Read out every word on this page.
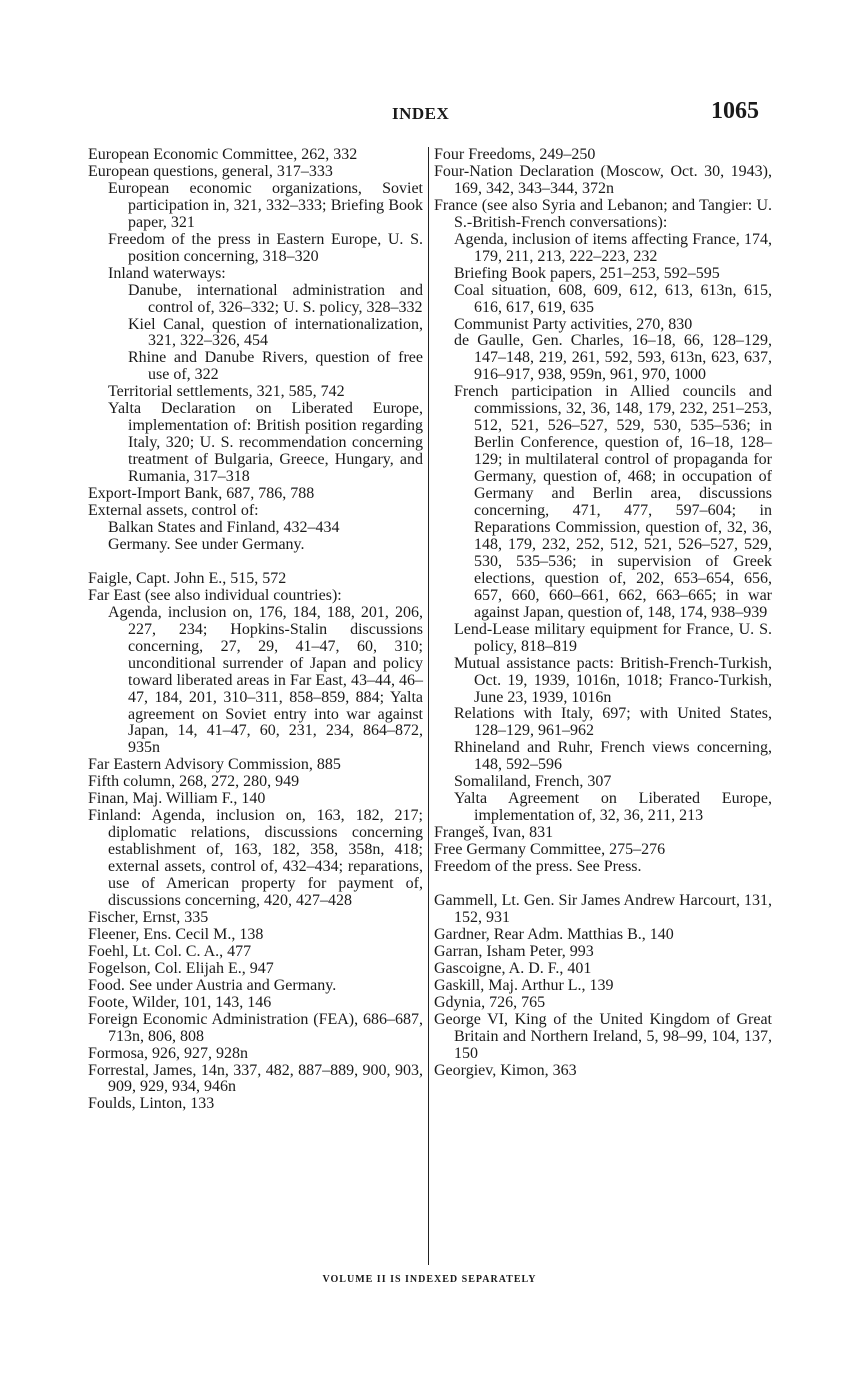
INDEX	1065

European Economic Committee, 262, 332

European questions, general, 317–333

European economic organizations, Soviet participation in, 321, 332–333; Briefing Book paper, 321

Freedom of the press in Eastern Europe, U. S. position concerning, 318–320

Inland waterways:

Danube, international administration and control of, 326–332; U. S. policy, 328–332

Kiel Canal, question of internationalization, 321, 322–326, 454

Rhine and Danube Rivers, question of free use of, 322

Territorial settlements, 321, 585, 742

Yalta Declaration on Liberated Europe, implementation of: British position regarding Italy, 320; U. S. recommendation concerning treatment of Bulgaria, Greece, Hungary, and Rumania, 317–318

Export-Import Bank, 687, 786, 788

External assets, control of:

Balkan States and Finland, 432–434

Germany. See under Germany.

Faigle, Capt. John E., 515, 572

Far East (see also individual countries):

Agenda, inclusion on, 176, 184, 188, 201, 206, 227, 234; Hopkins-Stalin discussions concerning, 27, 29, 41–47, 60, 310; unconditional surrender of Japan and policy toward liberated areas in Far East, 43–44, 46–47, 184, 201, 310–311, 858–859, 884; Yalta agreement on Soviet entry into war against Japan, 14, 41–47, 60, 231, 234, 864–872, 935n

Far Eastern Advisory Commission, 885

Fifth column, 268, 272, 280, 949

Finan, Maj. William F., 140

Finland: Agenda, inclusion on, 163, 182, 217; diplomatic relations, discussions concerning establishment of, 163, 182, 358, 358n, 418; external assets, control of, 432–434; reparations, use of American property for payment of, discussions concerning, 420, 427–428

Fischer, Ernst, 335

Fleener, Ens. Cecil M., 138

Foehl, Lt. Col. C. A., 477

Fogelson, Col. Elijah E., 947

Food. See under Austria and Germany.

Foote, Wilder, 101, 143, 146

Foreign Economic Administration (FEA), 686–687, 713n, 806, 808

Formosa, 926, 927, 928n

Forrestal, James, 14n, 337, 482, 887–889, 900, 903, 909, 929, 934, 946n

Foulds, Linton, 133

Four Freedoms, 249–250

Four-Nation Declaration (Moscow, Oct. 30, 1943), 169, 342, 343–344, 372n

France (see also Syria and Lebanon; and Tangier: U. S.-British-French conversations):

Agenda, inclusion of items affecting France, 174, 179, 211, 213, 222–223, 232

Briefing Book papers, 251–253, 592–595

Coal situation, 608, 609, 612, 613, 613n, 615, 616, 617, 619, 635

Communist Party activities, 270, 830

de Gaulle, Gen. Charles, 16–18, 66, 128–129, 147–148, 219, 261, 592, 593, 613n, 623, 637, 916–917, 938, 959n, 961, 970, 1000

French participation in Allied councils and commissions, 32, 36, 148, 179, 232, 251–253, 512, 521, 526–527, 529, 530, 535–536; in Berlin Conference, question of, 16–18, 128–129; in multilateral control of propaganda for Germany, question of, 468; in occupation of Germany and Berlin area, discussions concerning, 471, 477, 597–604; in Reparations Commission, question of, 32, 36, 148, 179, 232, 252, 512, 521, 526–527, 529, 530, 535–536; in supervision of Greek elections, question of, 202, 653–654, 656, 657, 660, 660–661, 662, 663–665; in war against Japan, question of, 148, 174, 938–939

Lend-Lease military equipment for France, U. S. policy, 818–819

Mutual assistance pacts: British-French-Turkish, Oct. 19, 1939, 1016n, 1018; Franco-Turkish, June 23, 1939, 1016n

Relations with Italy, 697; with United States, 128–129, 961–962

Rhineland and Ruhr, French views concerning, 148, 592–596

Somaliland, French, 307

Yalta Agreement on Liberated Europe, implementation of, 32, 36, 211, 213

Frangeš, Ivan, 831

Free Germany Committee, 275–276

Freedom of the press. See Press.

Gammell, Lt. Gen. Sir James Andrew Harcourt, 131, 152, 931

Gardner, Rear Adm. Matthias B., 140

Garran, Isham Peter, 993

Gascoigne, A. D. F., 401

Gaskill, Maj. Arthur L., 139

Gdynia, 726, 765

George VI, King of the United Kingdom of Great Britain and Northern Ireland, 5, 98–99, 104, 137, 150

Georgiev, Kimon, 363

VOLUME II IS INDEXED SEPARATELY
